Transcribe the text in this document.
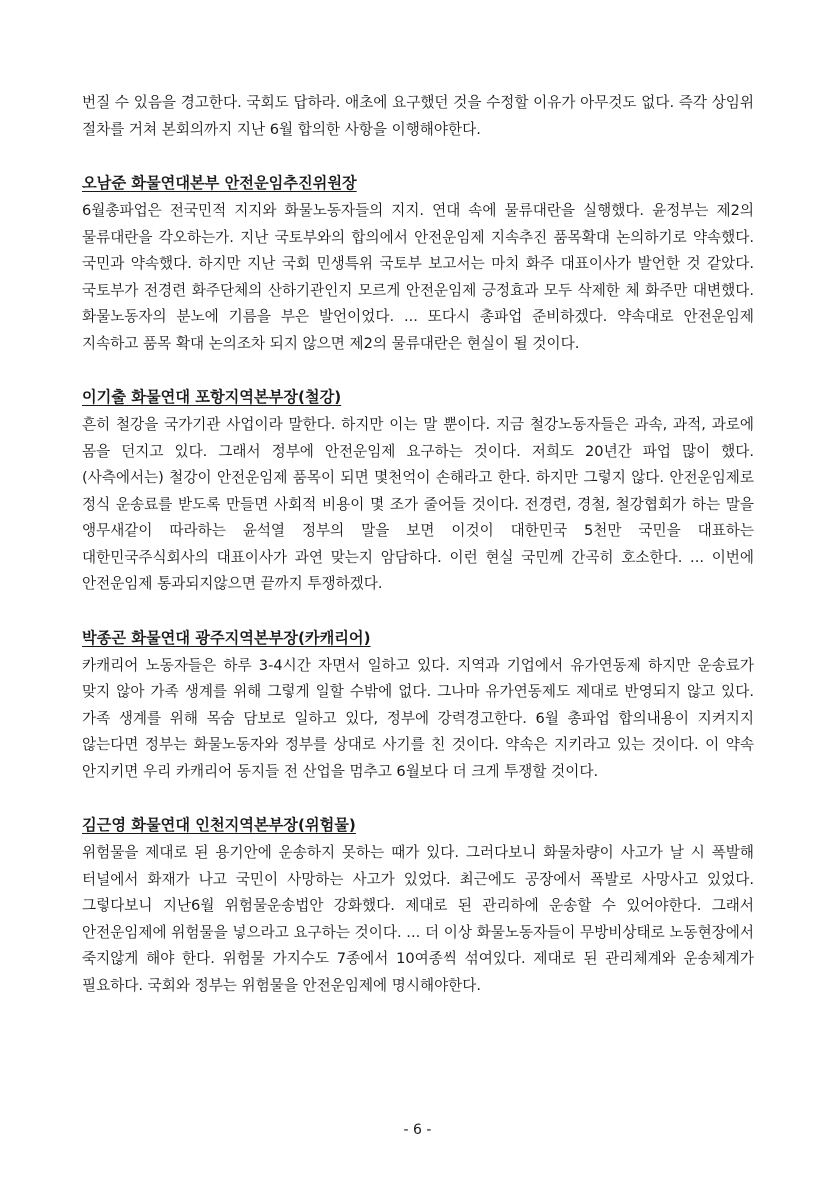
번질 수 있음을 경고한다. 국회도 답하라. 애초에 요구했던 것을 수정할 이유가 아무것도 없다. 즉각 상임위 절차를 거쳐 본회의까지 지난 6월 합의한 사항을 이행해야한다.

오남준 화물연대본부 안전운임추진위원장

6월총파업은 전국민적 지지와 화물노동자들의 지지. 연대 속에 물류대란을 실행했다. 윤정부는 제2의 물류대란을 각오하는가. 지난 국토부와의 합의에서 안전운임제 지속추진 품목확대 논의하기로 약속했다. 국민과 약속했다. 하지만 지난 국회 민생특위 국토부 보고서는 마치 화주 대표이사가 발언한 것 같았다. 국토부가 전경련 화주단체의 산하기관인지 모르게 안전운임제 긍정효과 모두 삭제한 체 화주만 대변했다. 화물노동자의 분노에 기름을 부은 발언이었다. ... 또다시 총파업 준비하겠다. 약속대로 안전운임제 지속하고 품목 확대 논의조차 되지 않으면 제2의 물류대란은 현실이 될 것이다.

이기출 화물연대 포항지역본부장(철강)

흔히 철강을 국가기관 사업이라 말한다. 하지만 이는 말 뿐이다. 지금 철강노동자들은 과속, 과적, 과로에 몸을 던지고 있다. 그래서 정부에 안전운임제 요구하는 것이다. 저희도 20년간 파업 많이 했다. (사측에서는) 철강이 안전운임제 품목이 되면 몇천억이 손해라고 한다. 하지만 그렇지 않다. 안전운임제로 정식 운송료를 받도록 만들면 사회적 비용이 몇 조가 줄어들 것이다. 전경련, 경철, 철강협회가 하는 말을 앵무새같이 따라하는 윤석열 정부의 말을 보면 이것이 대한민국 5천만 국민을 대표하는 대한민국주식회사의 대표이사가 과연 맞는지 암담하다. 이런 현실 국민께 간곡히 호소한다. ... 이번에 안전운임제 통과되지않으면 끝까지 투쟁하겠다.

박종곤 화물연대 광주지역본부장(카캐리어)

카캐리어 노동자들은 하루 3-4시간 자면서 일하고 있다. 지역과 기업에서 유가연동제 하지만 운송료가 맞지 않아 가족 생계를 위해 그렇게 일할 수밖에 없다. 그나마 유가연동제도 제대로 반영되지 않고 있다. 가족 생계를 위해 목숨 담보로 일하고 있다, 정부에 강력경고한다. 6월 총파업 합의내용이 지켜지지 않는다면 정부는 화물노동자와 정부를 상대로 사기를 친 것이다. 약속은 지키라고 있는 것이다. 이 약속 안지키면 우리 카캐리어 동지들 전 산업을 멈추고 6월보다 더 크게 투쟁할 것이다.

김근영 화물연대 인천지역본부장(위험물)

위험물을 제대로 된 용기안에 운송하지 못하는 때가 있다. 그러다보니 화물차량이 사고가 날 시 폭발해 터널에서 화재가 나고 국민이 사망하는 사고가 있었다. 최근에도 공장에서 폭발로 사망사고 있었다. 그렇다보니 지난6월 위험물운송법안 강화했다. 제대로 된 관리하에 운송할 수 있어야한다. 그래서 안전운임제에 위험물을 넣으라고 요구하는 것이다. ... 더 이상 화물노동자들이 무방비상태로 노동현장에서 죽지않게 해야 한다. 위험물 가지수도 7종에서 10여종씩 섞여있다. 제대로 된 관리체계와 운송체계가 필요하다. 국회와 정부는 위험물을 안전운임제에 명시해야한다.

- 6 -
